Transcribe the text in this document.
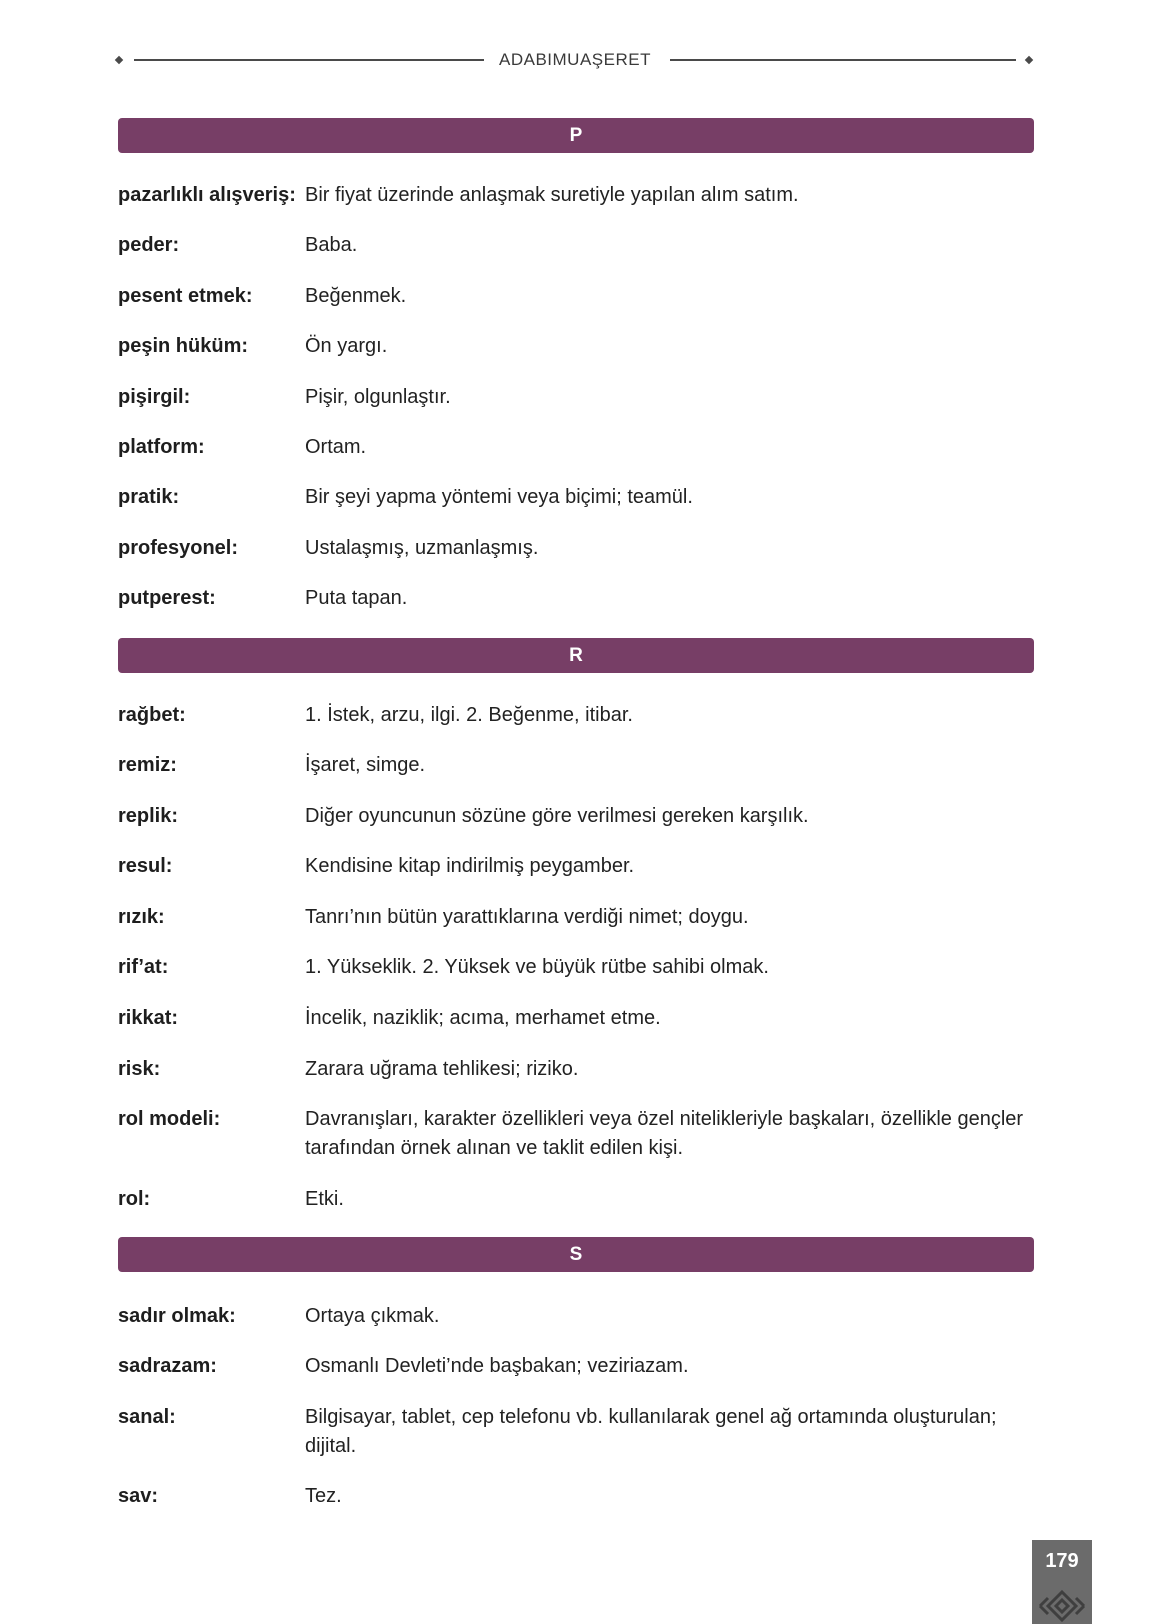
ADABIMUAŞERET
P
pazarlıklı alışveriş: Bir fiyat üzerinde anlaşmak suretiyle yapılan alım satım.
peder:	Baba.
pesent etmek:	Beğenmek.
peşin hüküm:	Ön yargı.
pişirgil:	Pişir, olgunlaştır.
platform:	Ortam.
pratik:	Bir şeyi yapma yöntemi veya biçimi; teamül.
profesyonel:	Ustalaşmış, uzmanlaşmış.
putperest:	Puta tapan.
R
rağbet:	1. İstek, arzu, ilgi. 2. Beğenme, itibar.
remiz:	İşaret, simge.
replik:	Diğer oyuncunun sözüne göre verilmesi gereken karşılık.
resul:	Kendisine kitap indirilmiş peygamber.
rızık:	Tanrı’nın bütün yarattıklarına verdiği nimet; doygu.
rif’at:	1. Yükseklik. 2. Yüksek ve büyük rütbe sahibi olmak.
rikkat:	İncelik, naziklik; acıma, merhamet etme.
risk:	Zarara uğrama tehlikesi; riziko.
rol modeli:	Davranışları, karakter özellikleri veya özel nitelikleriyle başkaları, özellikle gençler tarafından örnek alınan ve taklit edilen kişi.
rol:	Etki.
S
sadır olmak:	Ortaya çıkmak.
sadrazam:	Osmanlı Devleti’nde başbakan; veziriazam.
sanal:	Bilgisayar, tablet, cep telefonu vb. kullanılarak genel ağ ortamında oluşturulan; dijital.
sav:	Tez.
179
